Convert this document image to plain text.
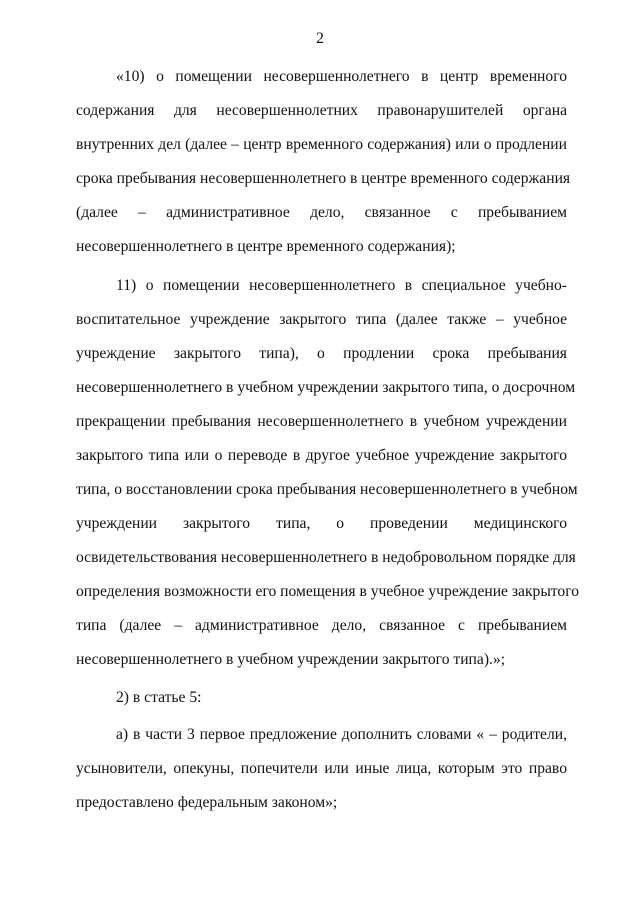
2
«10) о помещении несовершеннолетнего в центр временного
содержания для несовершеннолетних правонарушителей органа
внутренних дел (далее – центр временного содержания) или о продлении
срока пребывания несовершеннолетнего в центре временного содержания
(далее – административное дело, связанное с пребыванием
несовершеннолетнего в центре временного содержания);
11) о помещении несовершеннолетнего в специальное учебно-
воспитательное учреждение закрытого типа (далее также – учебное
учреждение закрытого типа), о продлении срока пребывания
несовершеннолетнего в учебном учреждении закрытого типа, о досрочном
прекращении пребывания несовершеннолетнего в учебном учреждении
закрытого типа или о переводе в другое учебное учреждение закрытого
типа, о восстановлении срока пребывания несовершеннолетнего в учебном
учреждении закрытого типа, о проведении медицинского
освидетельствования несовершеннолетнего в недобровольном порядке для
определения возможности его помещения в учебное учреждение закрытого
типа (далее – административное дело, связанное с пребыванием
несовершеннолетнего в учебном учреждении закрытого типа).»;
2) в статье 5:
а) в части 3 первое предложение дополнить словами « – родители,
усыновители, опекуны, попечители или иные лица, которым это право
предоставлено федеральным законом»;
